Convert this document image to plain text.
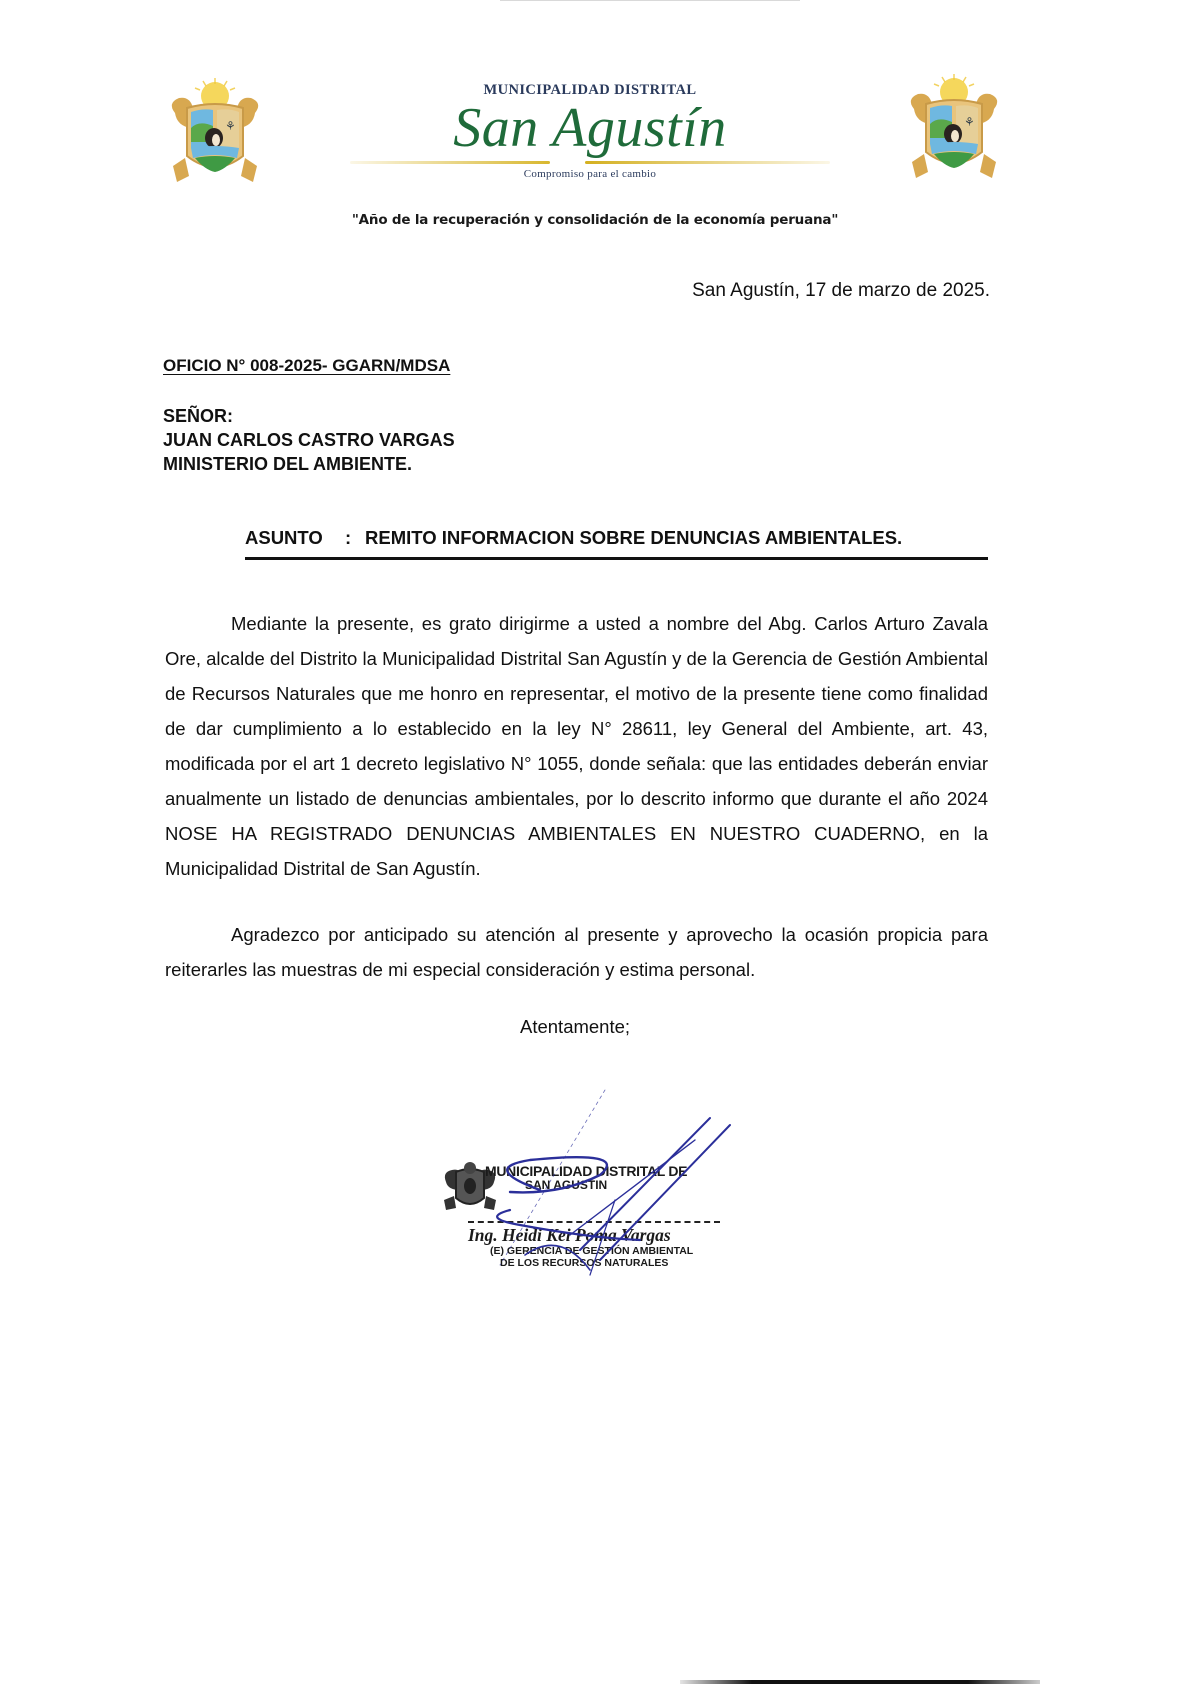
⚘
MUNICIPALIDAD DISTRITAL
San Agustín
Compromiso para el cambio
⚘
"Año de la recuperación y consolidación de la economía peruana"
San Agustín, 17 de marzo de 2025.
OFICIO N° 008-2025- GGARN/MDSA
SEÑOR:
JUAN CARLOS CASTRO VARGAS
MINISTERIO DEL AMBIENTE.
ASUNTO : REMITO INFORMACION SOBRE DENUNCIAS AMBIENTALES.
Mediante la presente, es grato dirigirme a usted a nombre del Abg. Carlos Arturo Zavala Ore, alcalde del Distrito la Municipalidad Distrital San Agustín y de la Gerencia de Gestión Ambiental de Recursos Naturales que me honro en representar, el motivo de la presente tiene como finalidad de dar cumplimiento a lo establecido en la ley N° 28611, ley General del Ambiente, art. 43, modificada por el art 1 decreto legislativo N° 1055, donde señala: que las entidades deberán enviar anualmente un listado de denuncias ambientales, por lo descrito informo que durante el año 2024 NOSE HA REGISTRADO DENUNCIAS AMBIENTALES EN NUESTRO CUADERNO, en la Municipalidad Distrital de San Agustín.
Agradezco por anticipado su atención al presente y aprovecho la ocasión propicia para reiterarles las muestras de mi especial consideración y estima personal.
Atentamente;
MUNICIPALIDAD DISTRITAL DE
SAN AGUSTIN
Ing. Heidi Kei Poma Vargas
(E) GERENCIA DE GESTIÓN AMBIENTAL
DE LOS RECURSOS NATURALES
